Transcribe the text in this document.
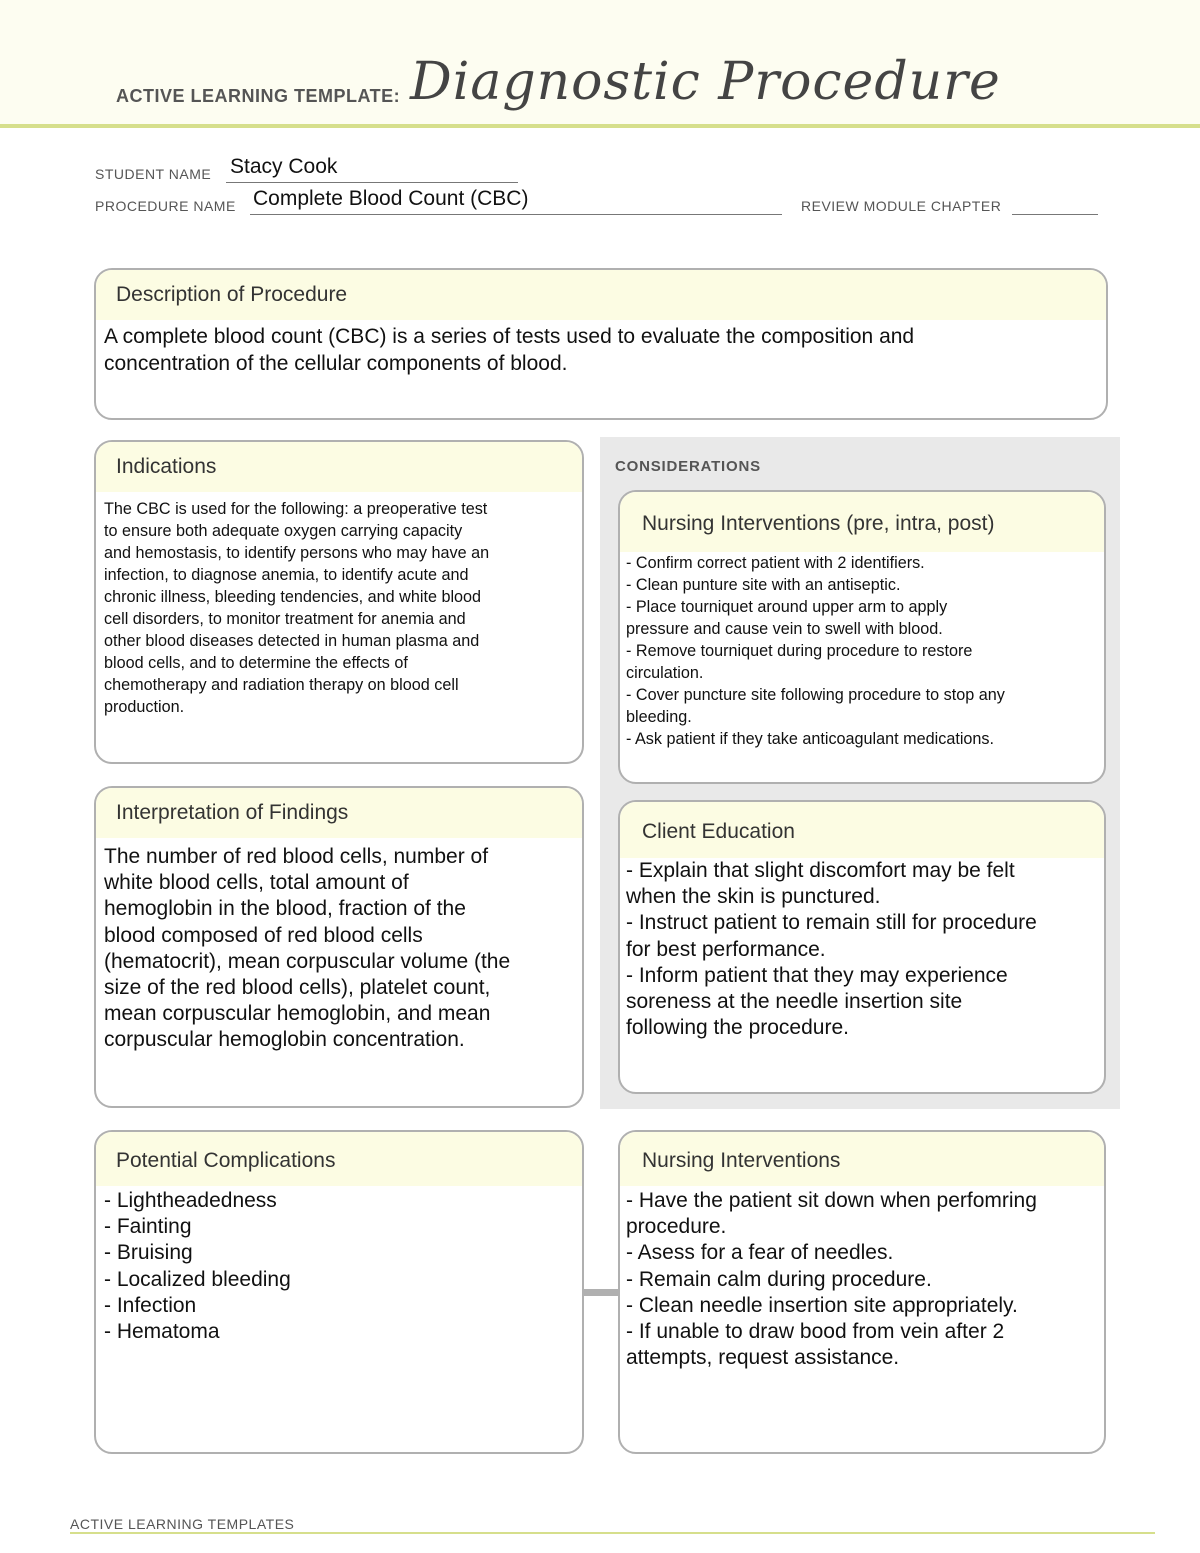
ACTIVE LEARNING TEMPLATE: Diagnostic Procedure
STUDENT NAME Stacy Cook
PROCEDURE NAME Complete Blood Count (CBC)	REVIEW MODULE CHAPTER
Description of Procedure
A complete blood count (CBC) is a series of tests used to evaluate the composition and
concentration of the cellular components of blood.
CONSIDERATIONS
Indications
The CBC is used for the following: a preoperative test
to ensure both adequate oxygen carrying capacity
and hemostasis, to identify persons who may have an
infection, to diagnose anemia, to identify acute and
chronic illness, bleeding tendencies, and white blood
cell disorders, to monitor treatment for anemia and
other blood diseases detected in human plasma and
blood cells, and to determine the effects of
chemotherapy and radiation therapy on blood cell
production.
Nursing Interventions (pre, intra, post)
- Confirm correct patient with 2 identifiers.
- Clean punture site with an antiseptic.
- Place tourniquet around upper arm to apply
pressure and cause vein to swell with blood.
- Remove tourniquet during procedure to restore
circulation.
- Cover puncture site following procedure to stop any
bleeding.
- Ask patient if they take anticoagulant medications.
Interpretation of Findings
The number of red blood cells, number of
white blood cells, total amount of
hemoglobin in the blood, fraction of the
blood composed of red blood cells
(hematocrit), mean corpuscular volume (the
size of the red blood cells), platelet count,
mean corpuscular hemoglobin, and mean
corpuscular hemoglobin concentration.
Client Education
- Explain that slight discomfort may be felt
when the skin is punctured.
- Instruct patient to remain still for procedure
for best performance.
- Inform patient that they may experience
soreness at the needle insertion site
following the procedure.
Potential Complications
- Lightheadedness
- Fainting
- Bruising
- Localized bleeding
- Infection
- Hematoma
Nursing Interventions
- Have the patient sit down when perfomring
procedure.
- Asess for a fear of needles.
- Remain calm during procedure.
- Clean needle insertion site appropriately.
- If unable to draw bood from vein after 2
attempts, request assistance.
ACTIVE LEARNING TEMPLATES
